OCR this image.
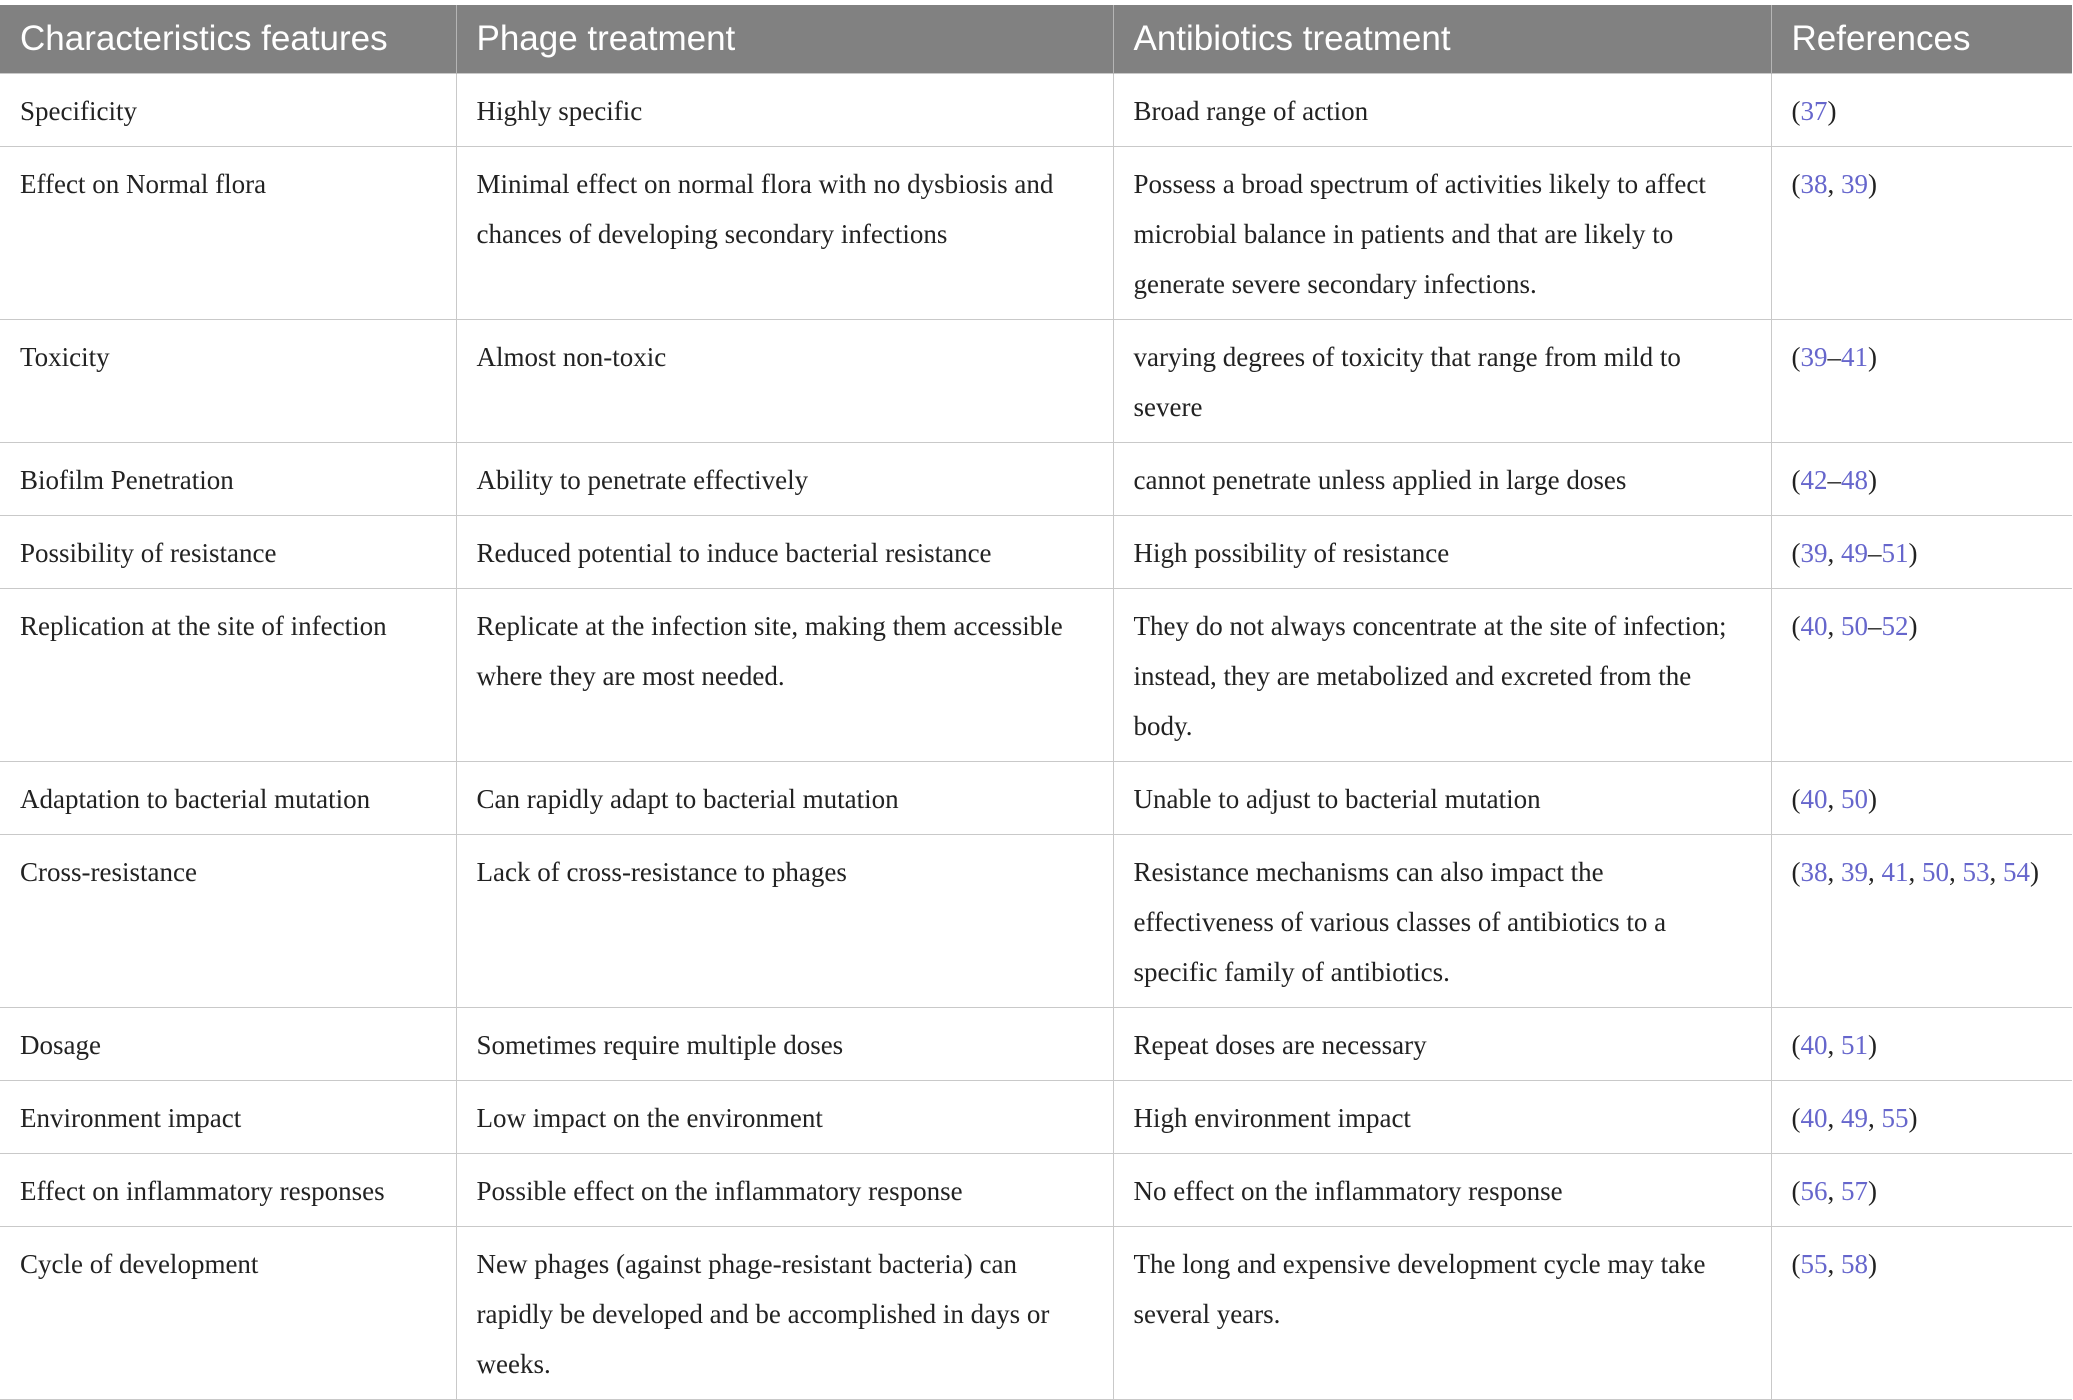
Characteristics features	Phage treatment	Antibiotics treatment	References
Specificity	Highly specific	Broad range of action	(37)
Effect on Normal flora	Minimal effect on normal flora with no dysbiosis and chances of developing secondary infections	Possess a broad spectrum of activities likely to affect microbial balance in patients and that are likely to generate severe secondary infections.	(38, 39)
Toxicity	Almost non-toxic	varying degrees of toxicity that range from mild to severe	(39–41)
Biofilm Penetration	Ability to penetrate effectively	cannot penetrate unless applied in large doses	(42–48)
Possibility of resistance	Reduced potential to induce bacterial resistance	High possibility of resistance	(39, 49–51)
Replication at the site of infection	Replicate at the infection site, making them accessible where they are most needed.	They do not always concentrate at the site of infection; instead, they are metabolized and excreted from the body.	(40, 50–52)
Adaptation to bacterial mutation	Can rapidly adapt to bacterial mutation	Unable to adjust to bacterial mutation	(40, 50)
Cross-resistance	Lack of cross-resistance to phages	Resistance mechanisms can also impact the effectiveness of various classes of antibiotics to a specific family of antibiotics.	(38, 39, 41, 50, 53, 54)
Dosage	Sometimes require multiple doses	Repeat doses are necessary	(40, 51)
Environment impact	Low impact on the environment	High environment impact	(40, 49, 55)
Effect on inflammatory responses	Possible effect on the inflammatory response	No effect on the inflammatory response	(56, 57)
Cycle of development	New phages (against phage-resistant bacteria) can rapidly be developed and be accomplished in days or weeks.	The long and expensive development cycle may take several years.	(55, 58)
